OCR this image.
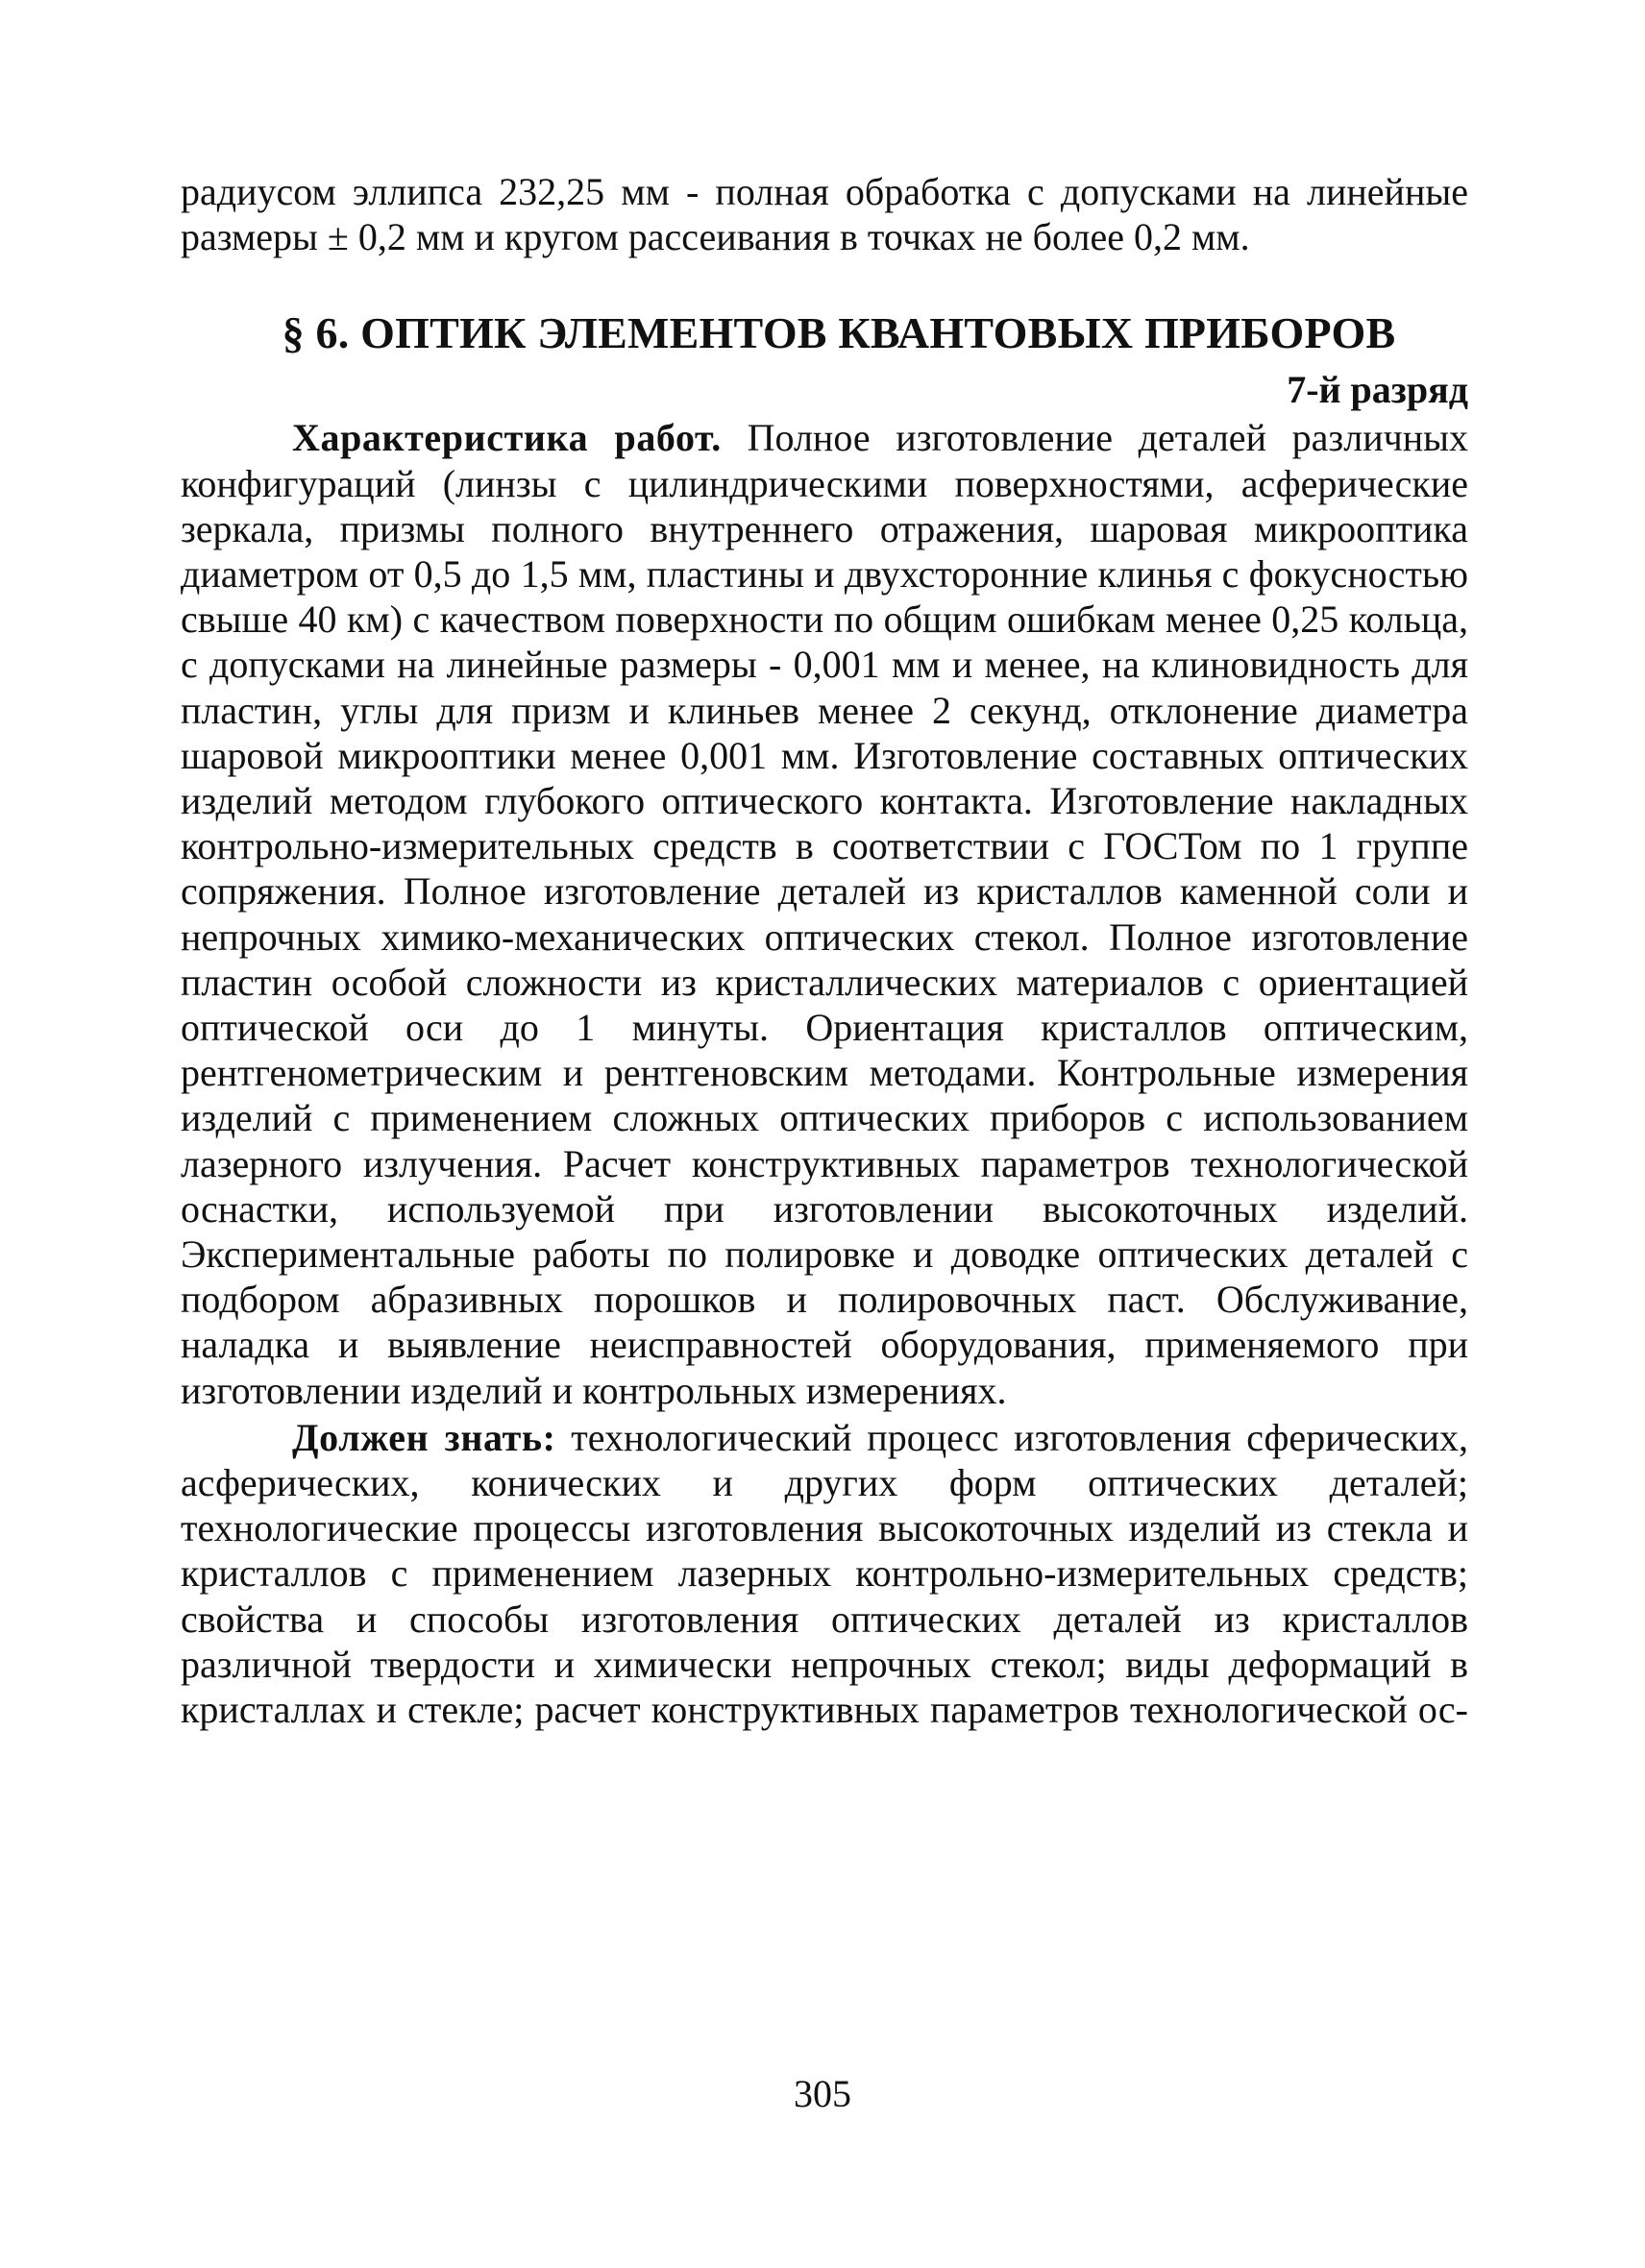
радиусом эллипса 232,25 мм - полная обработка с допусками на линейные размеры ± 0,2 мм и кругом рассеивания в точках не более 0,2 мм.

§ 6. ОПТИК ЭЛЕМЕНТОВ КВАНТОВЫХ ПРИБОРОВ
7-й разряд

Характеристика работ. Полное изготовление деталей различных конфигураций (линзы с цилиндрическими поверхностями, асферические зеркала, призмы полного внутреннего отражения, шаровая микрооптика диаметром от 0,5 до 1,5 мм, пластины и двухсторонние клинья с фокусностью свыше 40 км) с качеством поверхности по общим ошибкам менее 0,25 кольца, с допусками на линейные размеры - 0,001 мм и менее, на клиновидность для пластин, углы для призм и клиньев менее 2 секунд, отклонение диаметра шаровой микрооптики менее 0,001 мм. Изготовление составных оптических изделий методом глубокого оптического контакта. Изготовление накладных контрольно-измерительных средств в соответствии с ГОСТом по 1 группе сопряжения. Полное изготовление деталей из кристаллов каменной соли и непрочных химико-механических оптических стекол. Полное изготовление пластин особой сложности из кристаллических материалов с ориентацией оптической оси до 1 минуты. Ориентация кристаллов оптическим, рентгенометрическим и рентгеновским методами. Контрольные измерения изделий с применением сложных оптических приборов с использованием лазерного излучения. Расчет конструктивных параметров технологической оснастки, используемой при изготовлении высокоточных изделий. Экспериментальные работы по полировке и доводке оптических деталей с подбором абразивных порошков и полировочных паст. Обслуживание, наладка и выявление неисправностей оборудования, применяемого при изготовлении изделий и контрольных измерениях.

Должен знать: технологический процесс изготовления сферических, асферических, конических и других форм оптических деталей; технологические процессы изготовления высокоточных изделий из стекла и кристаллов с применением лазерных контрольно-измерительных средств; свойства и способы изготовления оптических деталей из кристаллов различной твердости и химически непрочных стекол; виды деформаций в кристаллах и стекле; расчет конструктивных параметров технологической ос-

305
